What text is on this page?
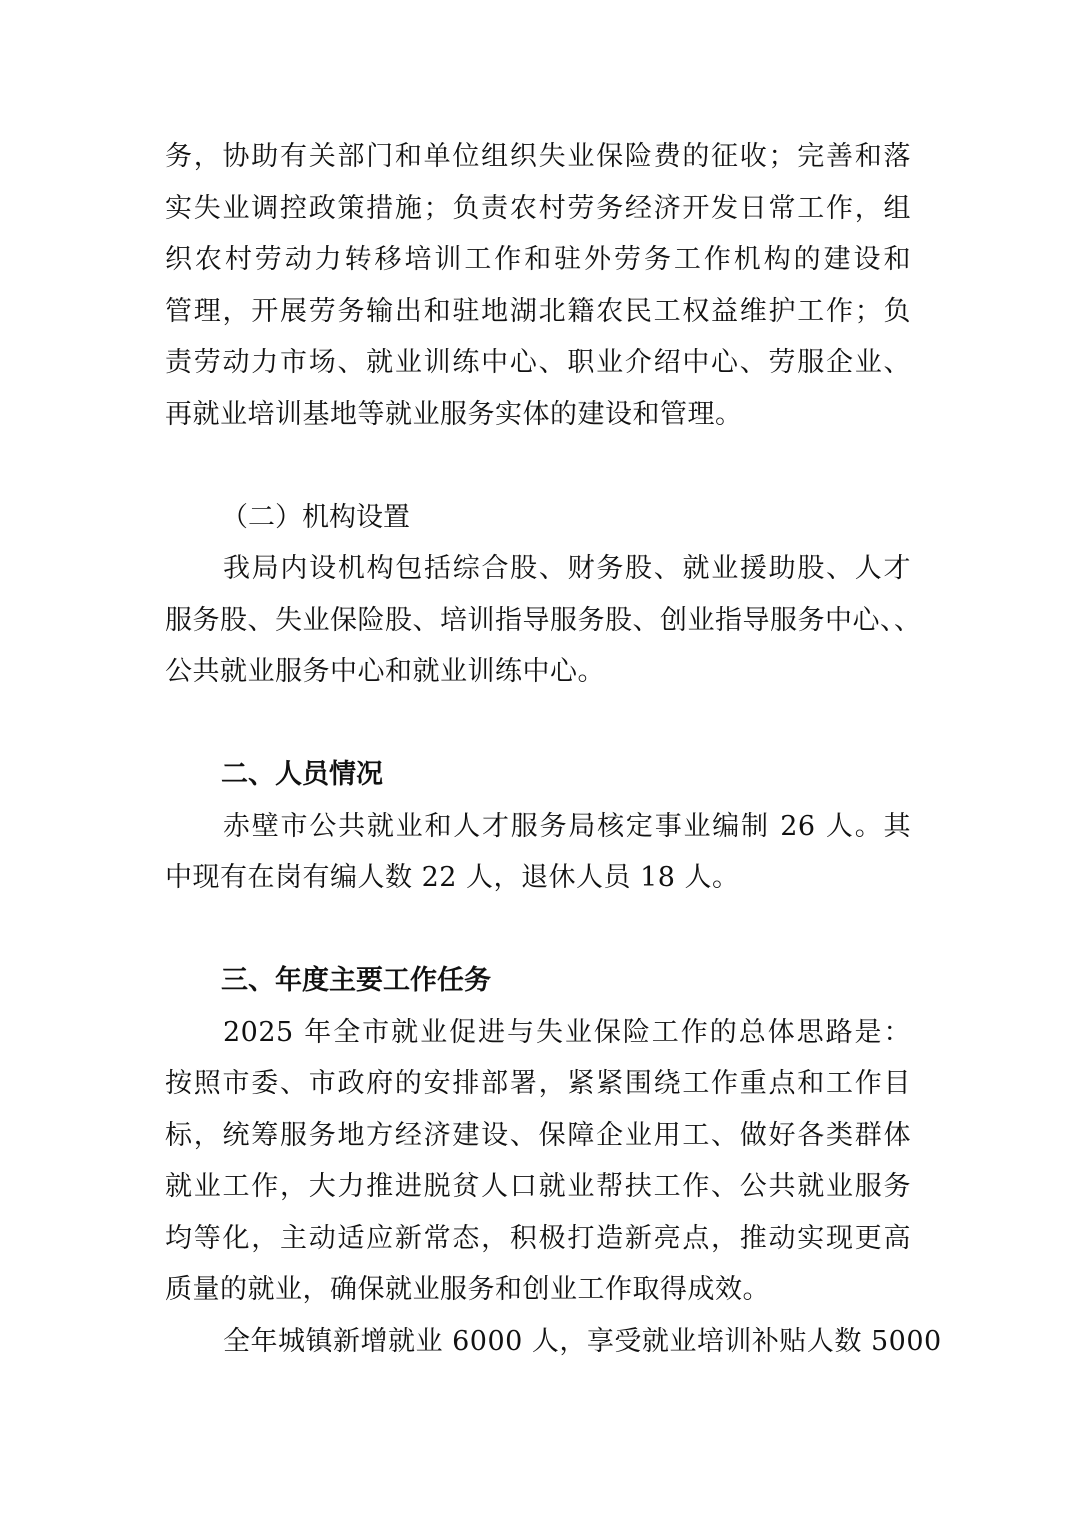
务，协助有关部门和单位组织失业保险费的征收；完善和落
实失业调控政策措施；负责农村劳务经济开发日常工作，组
织农村劳动力转移培训工作和驻外劳务工作机构的建设和
管理，开展劳务输出和驻地湖北籍农民工权益维护工作；负
责劳动力市场、就业训练中心、职业介绍中心、劳服企业、
再就业培训基地等就业服务实体的建设和管理。
（二）机构设置
我局内设机构包括综合股、财务股、就业援助股、人才
服务股、失业保险股、培训指导服务股、创业指导服务中心、、
公共就业服务中心和就业训练中心。
二、人员情况
赤壁市公共就业和人才服务局核定事业编制 26 人。其
中现有在岗有编人数 22 人，退休人员 18 人。
三、年度主要工作任务
2025 年全市就业促进与失业保险工作的总体思路是：
按照市委、市政府的安排部署，紧紧围绕工作重点和工作目
标，统筹服务地方经济建设、保障企业用工、做好各类群体
就业工作，大力推进脱贫人口就业帮扶工作、公共就业服务
均等化，主动适应新常态，积极打造新亮点，推动实现更高
质量的就业，确保就业服务和创业工作取得成效。
全年城镇新增就业 6000 人，享受就业培训补贴人数 5000
